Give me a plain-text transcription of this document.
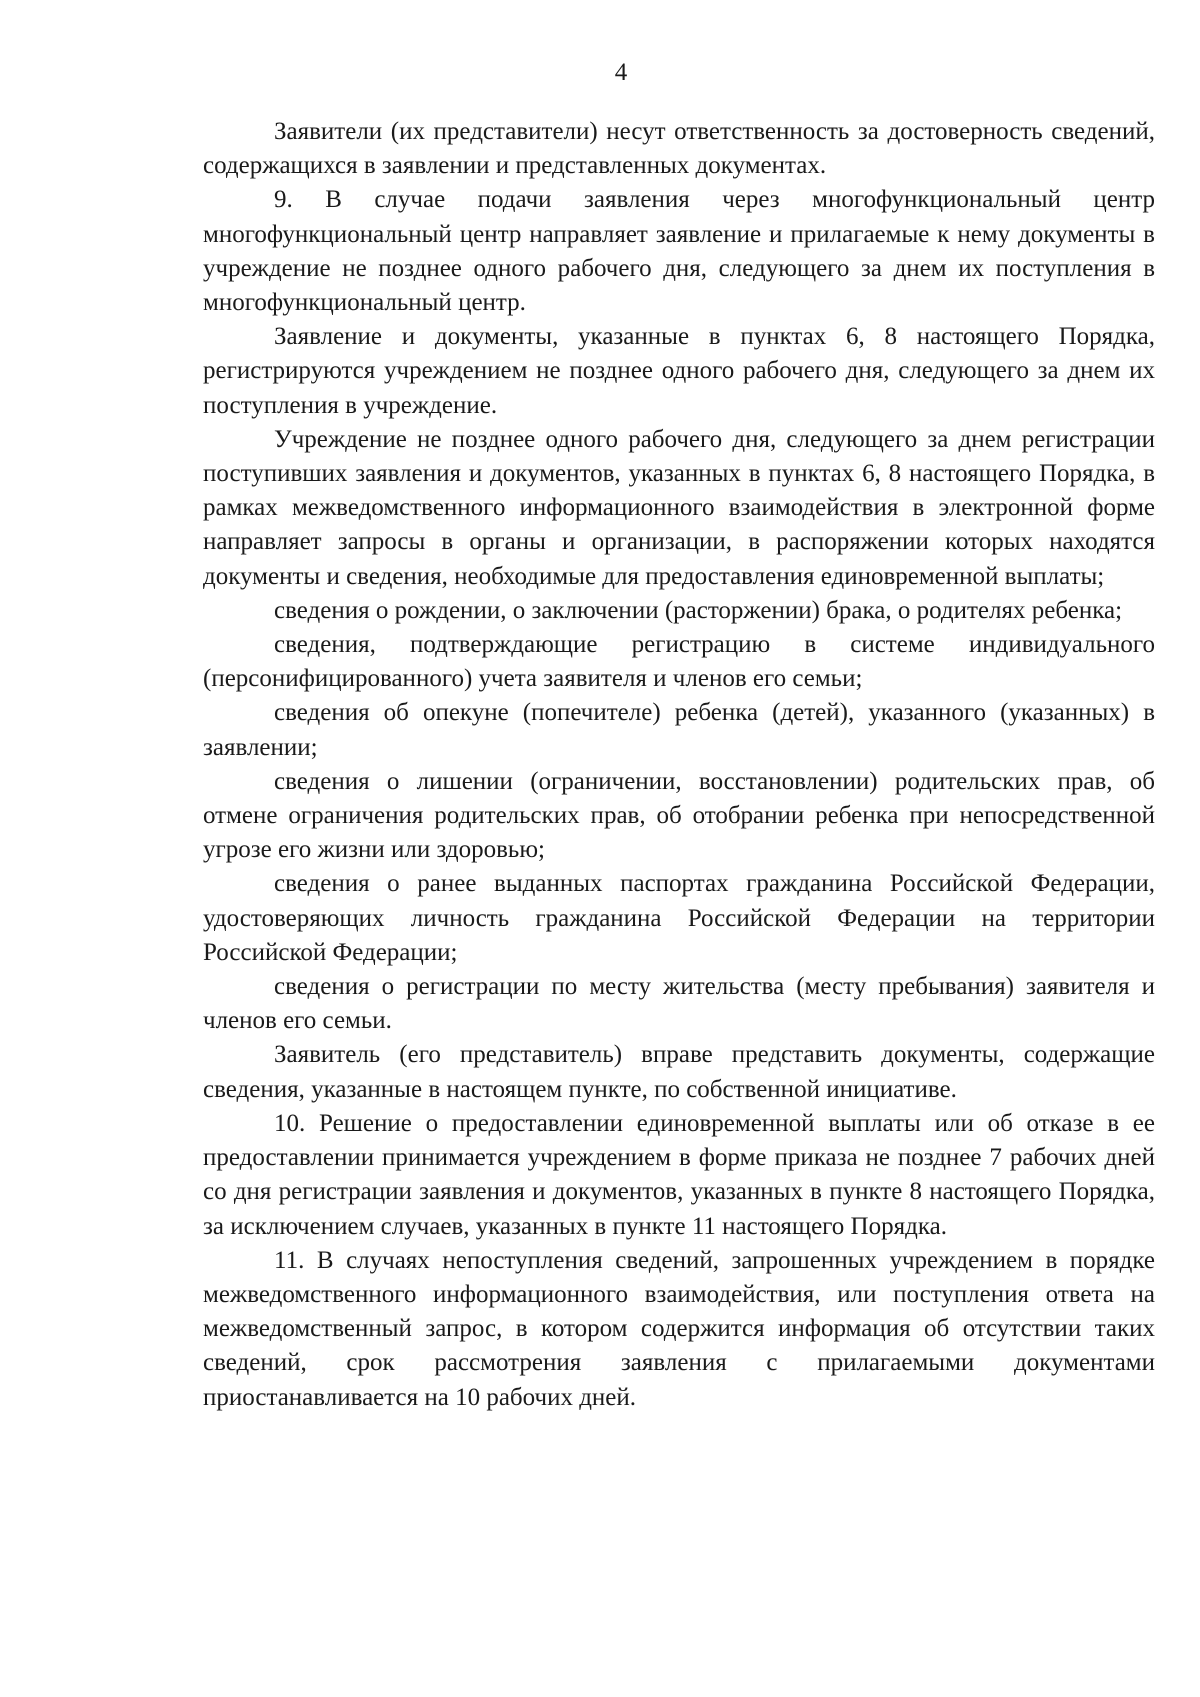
4

Заявители (их представители) несут ответственность за достоверность сведений, содержащихся в заявлении и представленных документах.

9. В случае подачи заявления через многофункциональный центр многофункциональный центр направляет заявление и прилагаемые к нему документы в учреждение не позднее одного рабочего дня, следующего за днем их поступления в многофункциональный центр.

Заявление и документы, указанные в пунктах 6, 8 настоящего Порядка, регистрируются учреждением не позднее одного рабочего дня, следующего за днем их поступления в учреждение.

Учреждение не позднее одного рабочего дня, следующего за днем регистрации поступивших заявления и документов, указанных в пунктах 6, 8 настоящего Порядка, в рамках межведомственного информационного взаимодействия в электронной форме направляет запросы в органы и организации, в распоряжении которых находятся документы и сведения, необходимые для предоставления единовременной выплаты;

сведения о рождении, о заключении (расторжении) брака, о родителях ребенка;

сведения, подтверждающие регистрацию в системе индивидуального (персонифицированного) учета заявителя и членов его семьи;

сведения об опекуне (попечителе) ребенка (детей), указанного (указанных) в заявлении;

сведения о лишении (ограничении, восстановлении) родительских прав, об отмене ограничения родительских прав, об отобрании ребенка при непосредственной угрозе его жизни или здоровью;

сведения о ранее выданных паспортах гражданина Российской Федерации, удостоверяющих личность гражданина Российской Федерации на территории Российской Федерации;

сведения о регистрации по месту жительства (месту пребывания) заявителя и членов его семьи.

Заявитель (его представитель) вправе представить документы, содержащие сведения, указанные в настоящем пункте, по собственной инициативе.

10. Решение о предоставлении единовременной выплаты или об отказе в ее предоставлении принимается учреждением в форме приказа не позднее 7 рабочих дней со дня регистрации заявления и документов, указанных в пункте 8 настоящего Порядка, за исключением случаев, указанных в пункте 11 настоящего Порядка.

11. В случаях непоступления сведений, запрошенных учреждением в порядке межведомственного информационного взаимодействия, или поступления ответа на межведомственный запрос, в котором содержится информация об отсутствии таких сведений, срок рассмотрения заявления с прилагаемыми документами приостанавливается на 10 рабочих дней.
